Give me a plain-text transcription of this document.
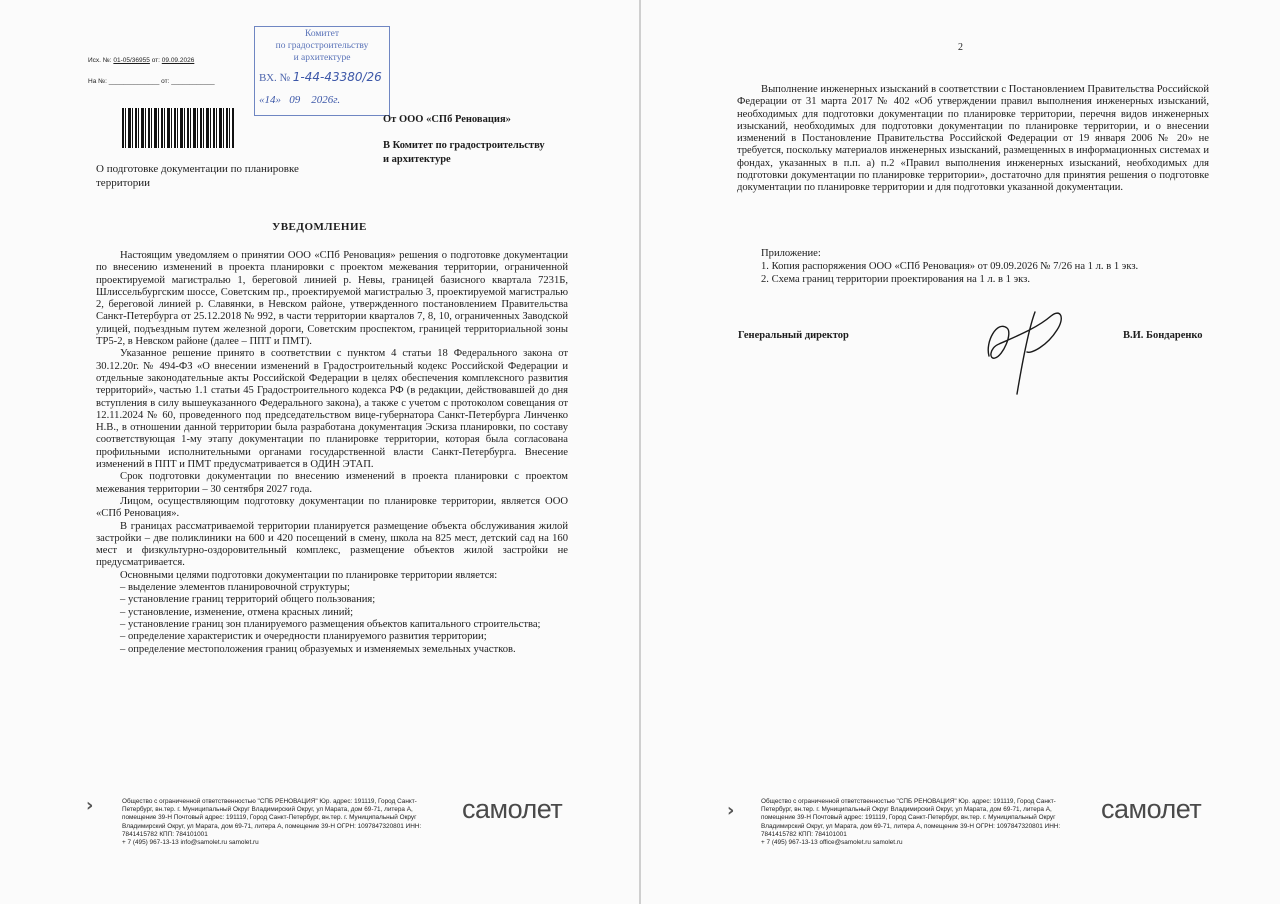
Исх. №: 01-05/36955 от: 09.09.2026
На №: ______________ от: ____________
Комитет
по градостроительству
и архитектуре
ВХ. № 1-44-43380/26
«14» 09 2026г.
От ООО «СПб Реновация»
В Комитет по градостроительству
и архитектуре
О подготовке документации по планировке территории
УВЕДОМЛЕНИЕ

Настоящим уведомляем о принятии ООО «СПб Реновация» решения о подготовке документации по внесению изменений в проекта планировки с проектом межевания территории, ограниченной проектируемой магистралью 1, береговой линией р. Невы, границей базисного квартала 7231Б, Шлиссельбургским шоссе, Советским пр., проектируемой магистралью 3, проектируемой магистралью 2, береговой линией р. Славянки, в Невском районе, утвержденного постановлением Правительства Санкт-Петербурга от 25.12.2018 № 992, в части территории кварталов 7, 8, 10, ограниченных Заводской улицей, подъездным путем железной дороги, Советским проспектом, границей территориальной зоны ТР5-2, в Невском районе (далее – ППТ и ПМТ).

Указанное решение принято в соответствии с пунктом 4 статьи 18 Федерального закона от 30.12.20г. № 494-ФЗ «О внесении изменений в Градостроительный кодекс Российской Федерации и отдельные законодательные акты Российской Федерации в целях обеспечения комплексного развития территорий», частью 1.1 статьи 45 Градостроительного кодекса РФ (в редакции, действовавшей до дня вступления в силу вышеуказанного Федерального закона), а также с учетом с протоколом совещания от 12.11.2024 № 60, проведенного под председательством вице-губернатора Санкт-Петербурга Линченко Н.В., в отношении данной территории была разработана документация Эскиза планировки, по составу соответствующая 1-му этапу документации по планировке территории, которая была согласована профильными исполнительными органами государственной власти Санкт-Петербурга. Внесение изменений в ППТ и ПМТ предусматривается в ОДИН ЭТАП.

Срок подготовки документации по внесению изменений в проекта планировки с проектом межевания территории – 30 сентября 2027 года.

Лицом, осуществляющим подготовку документации по планировке территории, является ООО «СПб Реновация».

В границах рассматриваемой территории планируется размещение объекта обслуживания жилой застройки – две поликлиники на 600 и 420 посещений в смену, школа на 825 мест, детский сад на 160 мест и физкультурно-оздоровительный комплекс, размещение объектов жилой застройки не предусматривается.

Основными целями подготовки документации по планировке территории является:

– выделение элементов планировочной структуры;
– установление границ территорий общего пользования;
– установление, изменение, отмена красных линий;
– установление границ зон планируемого размещения объектов капитального строительства;
– определение характеристик и очередности планируемого развития территории;
– определение местоположения границ образуемых и изменяемых земельных участков.
›	Общество с ограниченной ответственностью "СПБ РЕНОВАЦИЯ" Юр. адрес: 191119, Город Санкт-Петербург, вн.тер. г. Муниципальный Округ Владимирский Округ, ул Марата, дом 69-71, литера А, помещение 39-Н Почтовый адрес: 191119, Город Санкт-Петербург, вн.тер. г. Муниципальный Округ Владимирский Округ, ул Марата, дом 69-71, литера А, помещение 39-Н ОГРН: 1097847320801 ИНН: 7841415782 КПП: 784101001
+ 7 (495) 967-13-13 info@samolet.ru samolet.ru
самолет
2

Выполнение инженерных изысканий в соответствии с Постановлением Правительства Российской Федерации от 31 марта 2017 № 402 «Об утверждении правил выполнения инженерных изысканий, необходимых для подготовки документации по планировке территории, перечня видов инженерных изысканий, необходимых для подготовки документации по планировке территории, и о внесении изменений в Постановление Правительства Российской Федерации от 19 января 2006 № 20» не требуется, поскольку материалов инженерных изысканий, размещенных в информационных системах и фондах, указанных в п.п. а) п.2 «Правил выполнения инженерных изысканий, необходимых для подготовки документации по планировке территории», достаточно для принятия решения о подготовке документации по планировке территории и для подготовки указанной документации.

Приложение:
1. Копия распоряжения ООО «СПб Реновация» от 09.09.2026 № 7/26 на 1 л. в 1 экз.
2. Схема границ территории проектирования на 1 л. в 1 экз.
Генеральный директор	В.И. Бондаренко
›	Общество с ограниченной ответственностью "СПБ РЕНОВАЦИЯ" Юр. адрес: 191119, Город Санкт-Петербург, вн.тер. г. Муниципальный Округ Владимирский Округ, ул Марата, дом 69-71, литера А, помещение 39-Н Почтовый адрес: 191119, Город Санкт-Петербург, вн.тер. г. Муниципальный Округ Владимирский Округ, ул Марата, дом 69-71, литера А, помещение 39-Н ОГРН: 1097847320801 ИНН: 7841415782 КПП: 784101001
+ 7 (495) 967-13-13 office@samolet.ru samolet.ru
самолет
